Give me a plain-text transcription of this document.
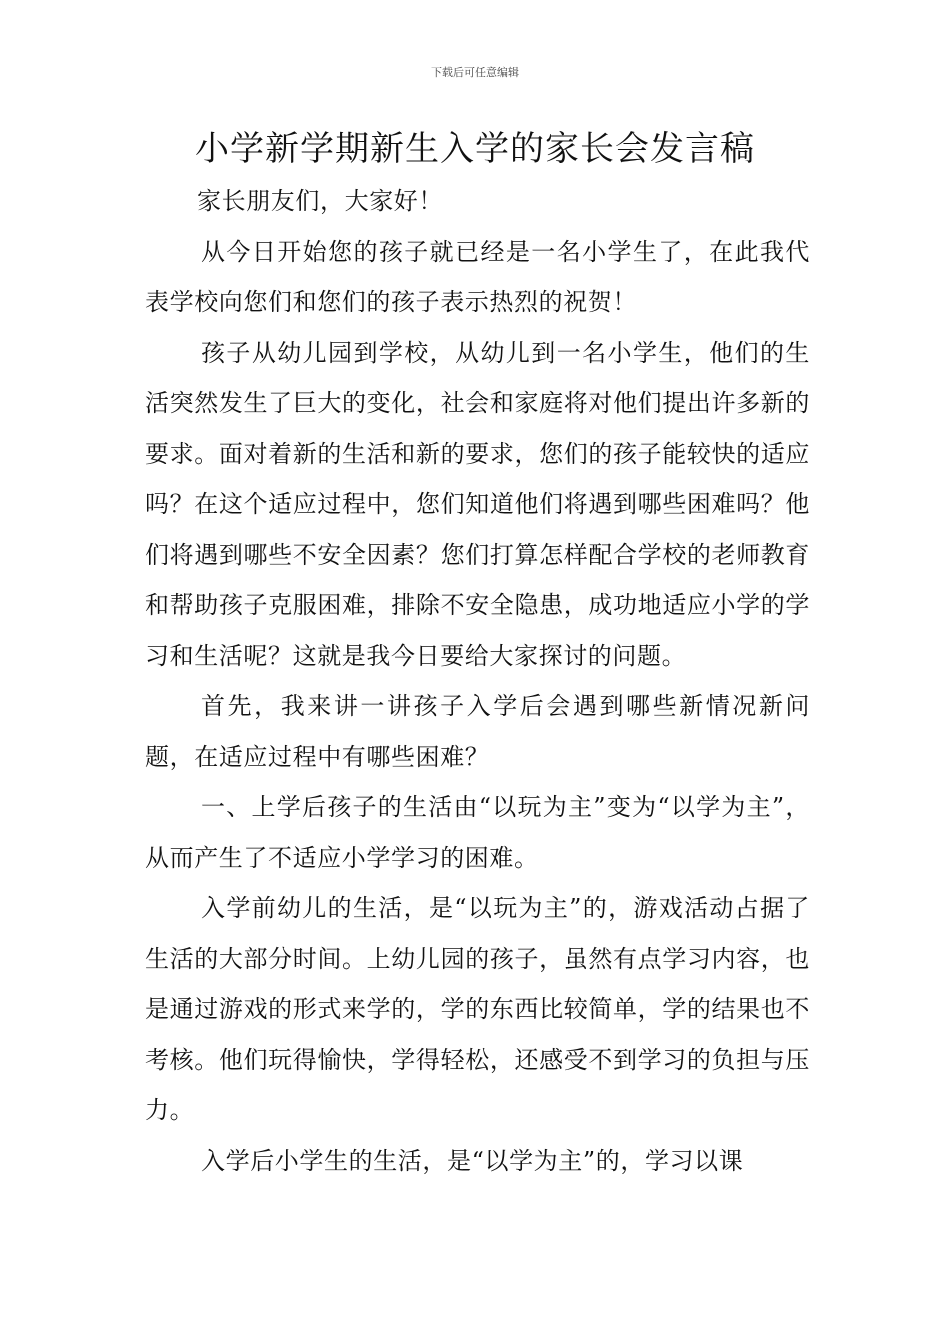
下载后可任意编辑
小学新学期新生入学的家长会发言稿

家长朋友们，大家好！

从今日开始您的孩子就已经是一名小学生了，在此我代表学校向您们和您们的孩子表示热烈的祝贺！

孩子从幼儿园到学校，从幼儿到一名小学生，他们的生活突然发生了巨大的变化，社会和家庭将对他们提出许多新的要求。面对着新的生活和新的要求，您们的孩子能较快的适应吗？在这个适应过程中，您们知道他们将遇到哪些困难吗？他们将遇到哪些不安全因素？您们打算怎样配合学校的老师教育和帮助孩子克服困难，排除不安全隐患，成功地适应小学的学习和生活呢？这就是我今日要给大家探讨的问题。

首先，我来讲一讲孩子入学后会遇到哪些新情况新问题，在适应过程中有哪些困难？

一、上学后孩子的生活由“以玩为主”变为“以学为主”，从而产生了不适应小学学习的困难。

入学前幼儿的生活，是“以玩为主”的，游戏活动占据了生活的大部分时间。上幼儿园的孩子，虽然有点学习内容，也是通过游戏的形式来学的，学的东西比较简单，学的结果也不考核。他们玩得愉快，学得轻松，还感受不到学习的负担与压力。

入学后小学生的生活，是“以学为主”的，学习以课
